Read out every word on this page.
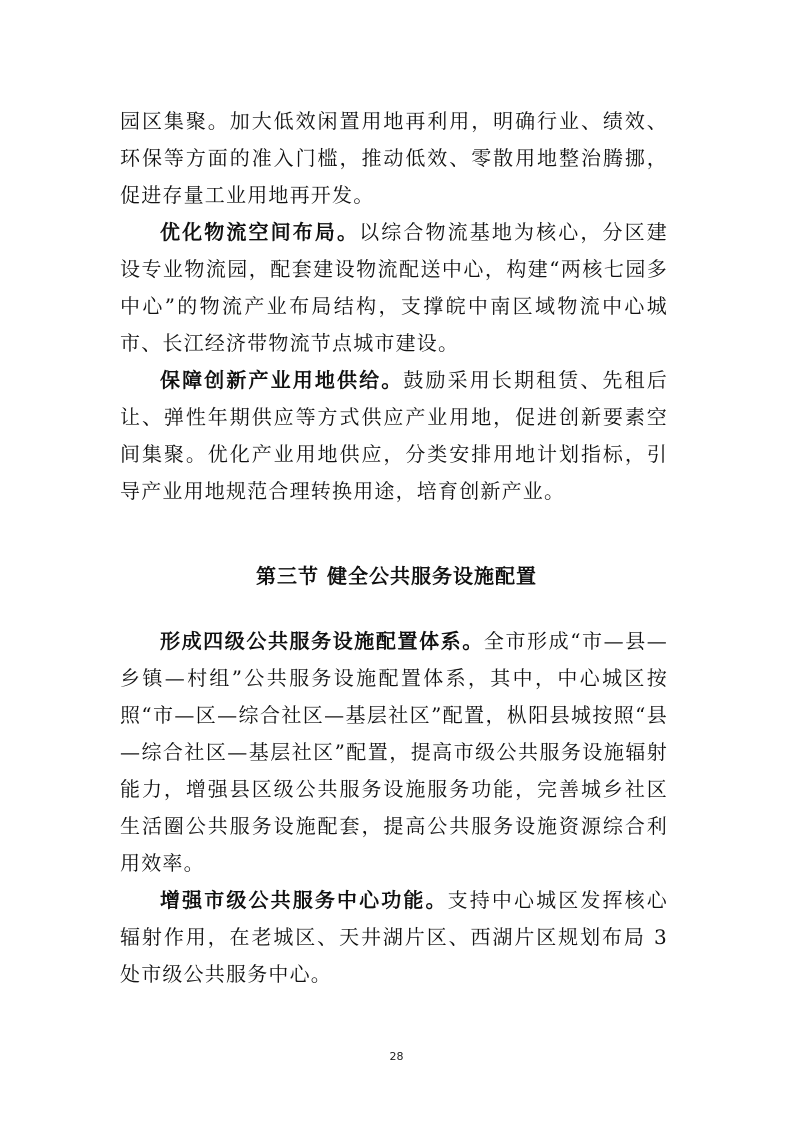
园区集聚。加大低效闲置用地再利用，明确行业、绩效、环保等方面的准入门槛，推动低效、零散用地整治腾挪，促进存量工业用地再开发。

优化物流空间布局。以综合物流基地为核心，分区建设专业物流园，配套建设物流配送中心，构建“两核七园多中心”的物流产业布局结构，支撑皖中南区域物流中心城市、长江经济带物流节点城市建设。

保障创新产业用地供给。鼓励采用长期租赁、先租后让、弹性年期供应等方式供应产业用地，促进创新要素空间集聚。优化产业用地供应，分类安排用地计划指标，引导产业用地规范合理转换用途，培育创新产业。

第三节 健全公共服务设施配置

形成四级公共服务设施配置体系。全市形成“市—县—乡镇—村组”公共服务设施配置体系，其中，中心城区按照“市—区—综合社区—基层社区”配置，枞阳县城按照“县—综合社区—基层社区”配置，提高市级公共服务设施辐射能力，增强县区级公共服务设施服务功能，完善城乡社区生活圈公共服务设施配套，提高公共服务设施资源综合利用效率。

增强市级公共服务中心功能。支持中心城区发挥核心辐射作用，在老城区、天井湖片区、西湖片区规划布局 3 处市级公共服务中心。

28
